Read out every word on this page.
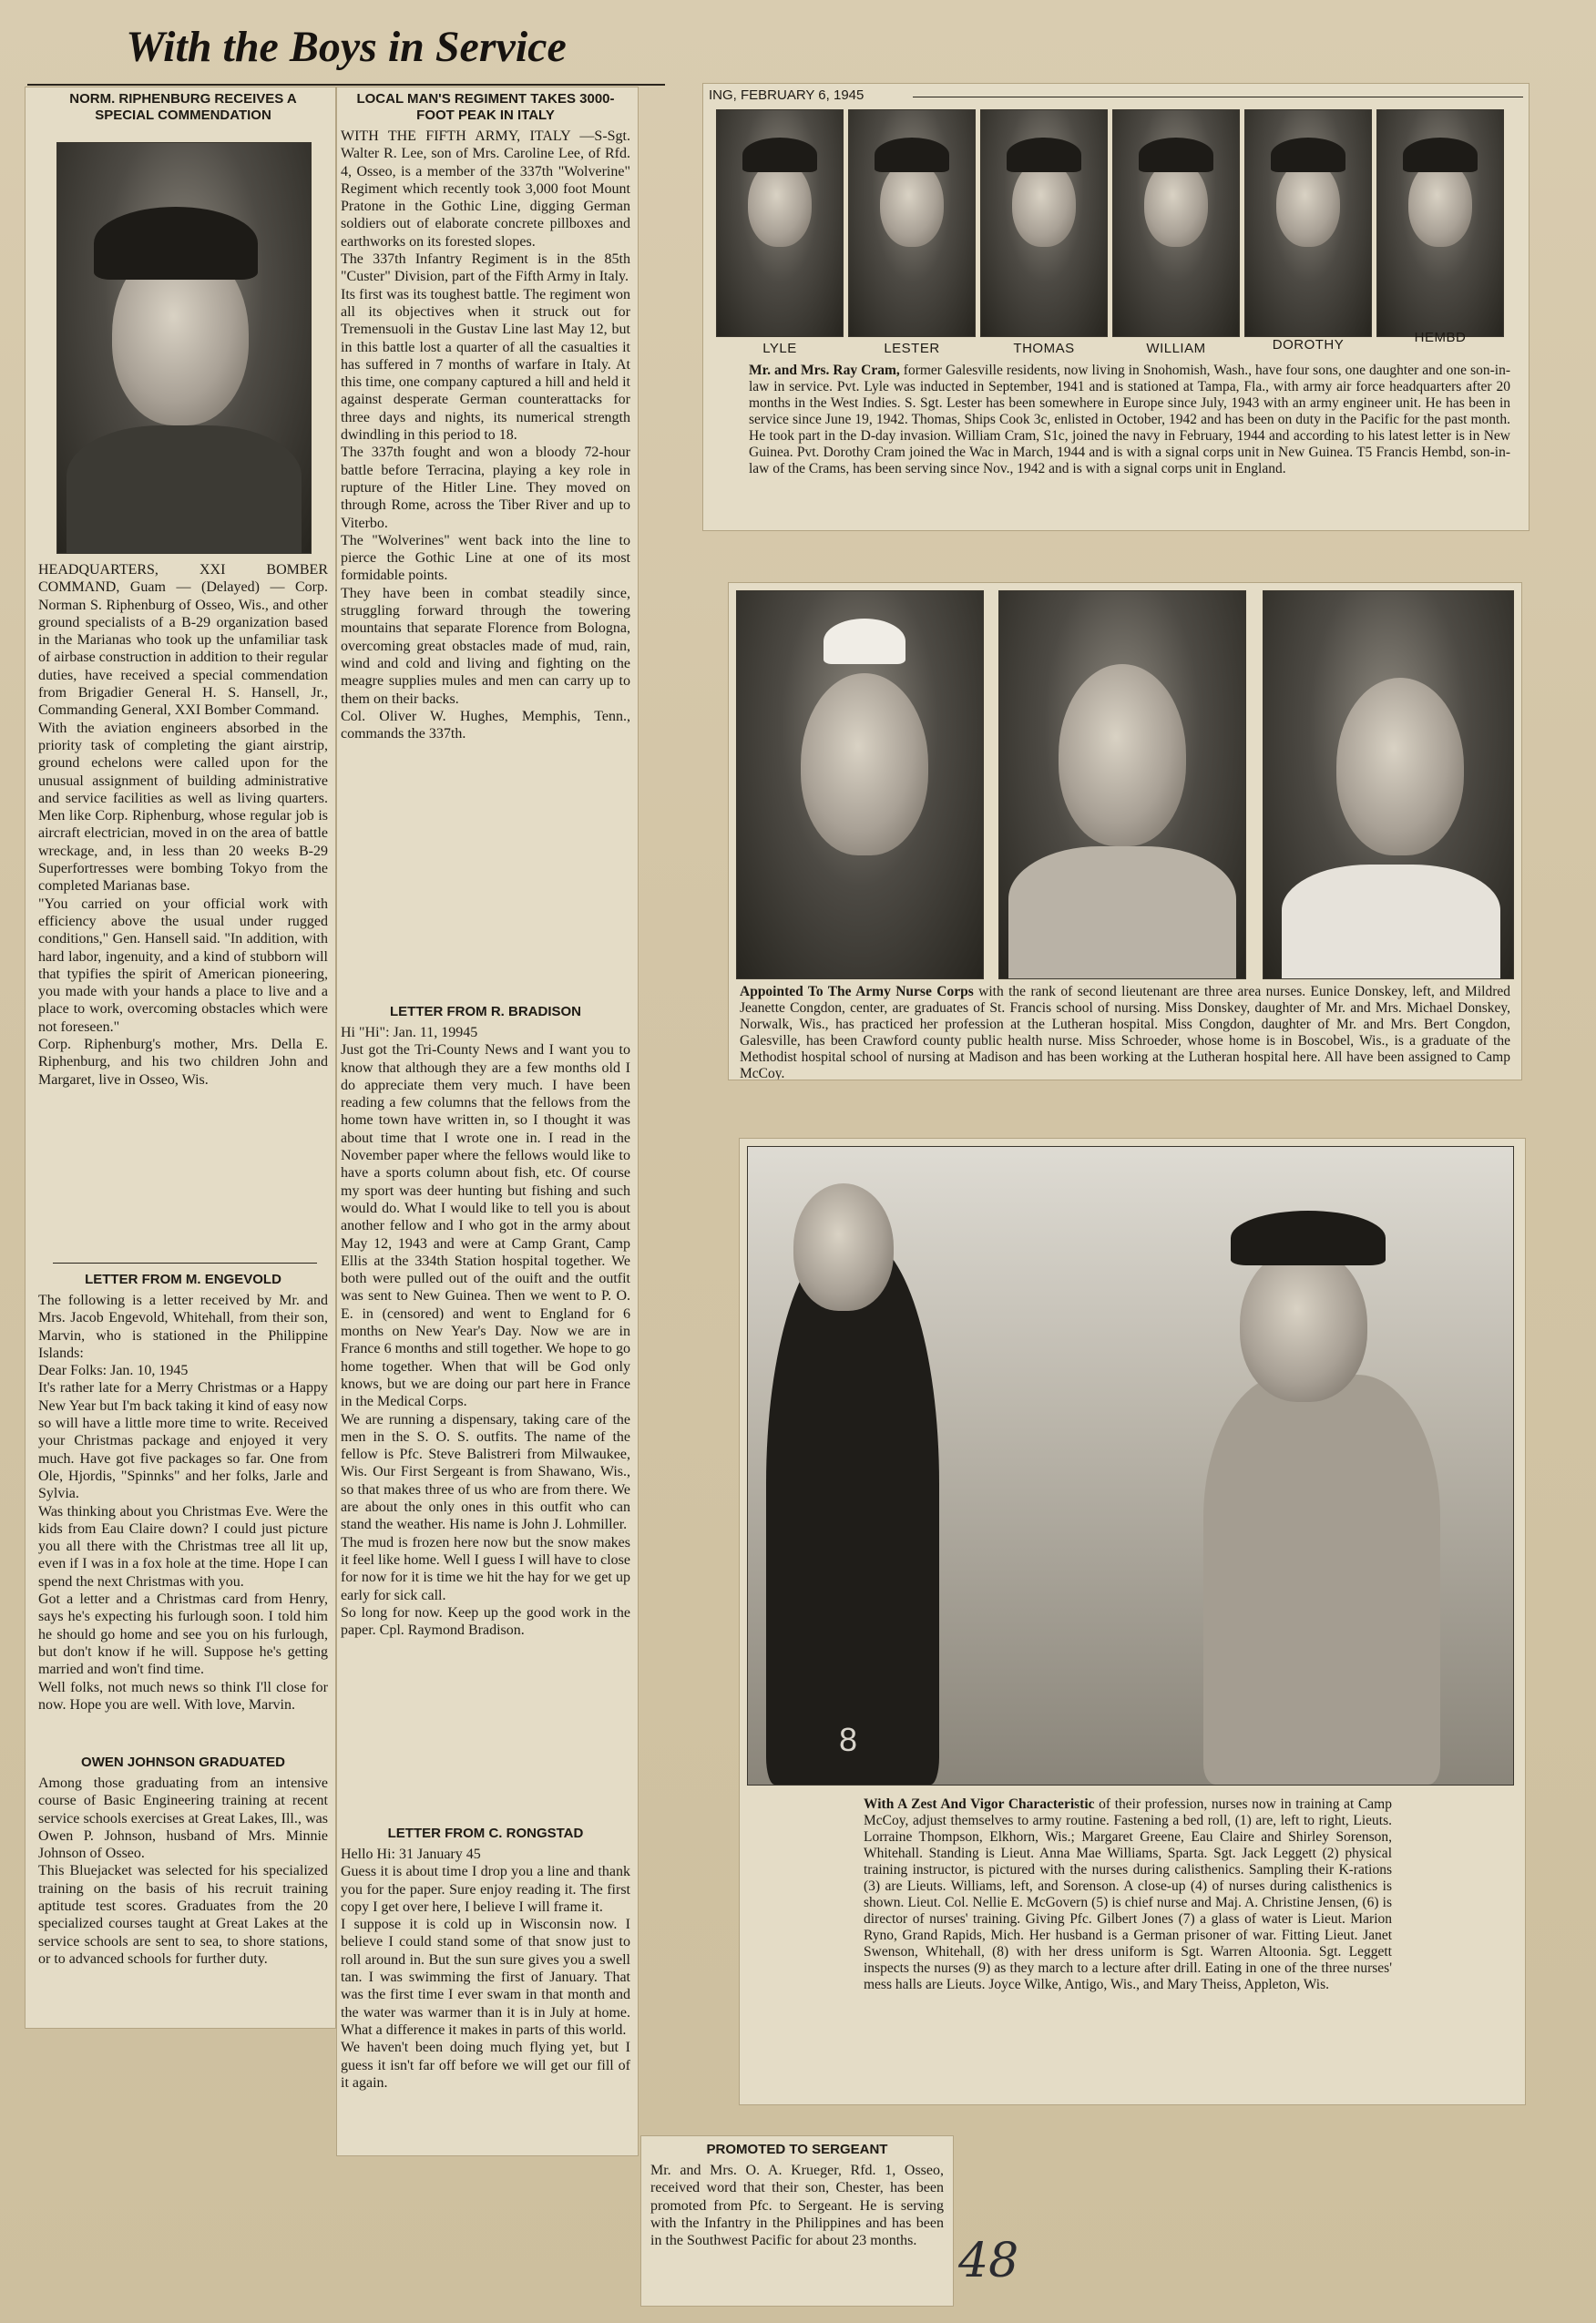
With the Boys in Service
NORM. RIPHENBURG RECEIVES A SPECIAL COMMENDATION

HEADQUARTERS, XXI BOMBER COMMAND, Guam — (Delayed) — Corp. Norman S. Riphenburg of Osseo, Wis., and other ground specialists of a B-29 organization based in the Marianas who took up the unfamiliar task of airbase construction in addition to their regular duties, have received a special commendation from Brigadier General H. S. Hansell, Jr., Commanding General, XXI Bomber Command.
With the aviation engineers absorbed in the priority task of completing the giant airstrip, ground echelons were called upon for the unusual assignment of building administrative and service facilities as well as living quarters. Men like Corp. Riphenburg, whose regular job is aircraft electrician, moved in on the area of battle wreckage, and, in less than 20 weeks B-29 Superfortresses were bombing Tokyo from the completed Marianas base.
"You carried on your official work with efficiency above the usual under rugged conditions," Gen. Hansell said. "In addition, with hard labor, ingenuity, and a kind of stubborn will that typifies the spirit of American pioneering, you made with your hands a place to live and a place to work, overcoming obstacles which were not foreseen."
Corp. Riphenburg's mother, Mrs. Della E. Riphenburg, and his two children John and Margaret, live in Osseo, Wis.

LETTER FROM M. ENGEVOLD

The following is a letter received by Mr. and Mrs. Jacob Engevold, Whitehall, from their son, Marvin, who is stationed in the Philippine Islands:
Dear Folks: Jan. 10, 1945
It's rather late for a Merry Christmas or a Happy New Year but I'm back taking it kind of easy now so will have a little more time to write. Received your Christmas package and enjoyed it very much. Have got five packages so far. One from Ole, Hjordis, "Spinnks" and her folks, Jarle and Sylvia.
Was thinking about you Christmas Eve. Were the kids from Eau Claire down? I could just picture you all there with the Christmas tree all lit up, even if I was in a fox hole at the time. Hope I can spend the next Christmas with you.
Got a letter and a Christmas card from Henry, says he's expecting his furlough soon. I told him he should go home and see you on his furlough, but don't know if he will. Suppose he's getting married and won't find time.
Well folks, not much news so think I'll close for now. Hope you are well. With love, Marvin.

OWEN JOHNSON GRADUATED

Among those graduating from an intensive course of Basic Engineering training at recent service schools exercises at Great Lakes, Ill., was Owen P. Johnson, husband of Mrs. Minnie Johnson of Osseo.
This Bluejacket was selected for his specialized training on the basis of his recruit training aptitude test scores. Graduates from the 20 specialized courses taught at Great Lakes at the service schools are sent to sea, to shore stations, or to advanced schools for further duty.

LOCAL MAN'S REGIMENT TAKES 3000-FOOT PEAK IN ITALY

WITH THE FIFTH ARMY, ITALY —S-Sgt. Walter R. Lee, son of Mrs. Caroline Lee, of Rfd. 4, Osseo, is a member of the 337th "Wolverine" Regiment which recently took 3,000 foot Mount Pratone in the Gothic Line, digging German soldiers out of elaborate concrete pillboxes and earthworks on its forested slopes.
The 337th Infantry Regiment is in the 85th "Custer" Division, part of the Fifth Army in Italy.
Its first was its toughest battle. The regiment won all its objectives when it struck out for Tremensuoli in the Gustav Line last May 12, but in this battle lost a quarter of all the casualties it has suffered in 7 months of warfare in Italy. At this time, one company captured a hill and held it against desperate German counterattacks for three days and nights, its numerical strength dwindling in this period to 18.
The 337th fought and won a bloody 72-hour battle before Terracina, playing a key role in rupture of the Hitler Line. They moved on through Rome, across the Tiber River and up to Viterbo.
The "Wolverines" went back into the line to pierce the Gothic Line at one of its most formidable points.
They have been in combat steadily since, struggling forward through the towering mountains that separate Florence from Bologna, overcoming great obstacles made of mud, rain, wind and cold and living and fighting on the meagre supplies mules and men can carry up to them on their backs.
Col. Oliver W. Hughes, Memphis, Tenn., commands the 337th.

LETTER FROM R. BRADISON

Hi "Hi": Jan. 11, 19945
Just got the Tri-County News and I want you to know that although they are a few months old I do appreciate them very much. I have been reading a few columns that the fellows from the home town have written in, so I thought it was about time that I wrote one in. I read in the November paper where the fellows would like to have a sports column about fish, etc. Of course my sport was deer hunting but fishing and such would do. What I would like to tell you is about another fellow and I who got in the army about May 12, 1943 and were at Camp Grant, Camp Ellis at the 334th Station hospital together. We both were pulled out of the ouift and the outfit was sent to New Guinea. Then we went to P. O. E. in (censored) and went to England for 6 months on New Year's Day. Now we are in France 6 months and still together. We hope to go home together. When that will be God only knows, but we are doing our part here in France in the Medical Corps.
We are running a dispensary, taking care of the men in the S. O. S. outfits. The name of the fellow is Pfc. Steve Balistreri from Milwaukee, Wis. Our First Sergeant is from Shawano, Wis., so that makes three of us who are from there. We are about the only ones in this outfit who can stand the weather. His name is John J. Lohmiller.
The mud is frozen here now but the snow makes it feel like home. Well I guess I will have to close for now for it is time we hit the hay for we get up early for sick call.
So long for now. Keep up the good work in the paper. Cpl. Raymond Bradison.

LETTER FROM C. RONGSTAD

Hello Hi: 31 January 45
Guess it is about time I drop you a line and thank you for the paper. Sure enjoy reading it. The first copy I get over here, I believe I will frame it.
I suppose it is cold up in Wisconsin now. I believe I could stand some of that snow just to roll around in. But the sun sure gives you a swell tan. I was swimming the first of January. That was the first time I ever swam in that month and the water was warmer than it is in July at home. What a difference it makes in parts of this world.
We haven't been doing much flying yet, but I guess it isn't far off before we will get our fill of it again.

ING, FEBRUARY 6, 1945
LYLE	LESTER	THOMAS	WILLIAM	DOROTHY	HEMBD

Mr. and Mrs. Ray Cram, former Galesville residents, now living in Snohomish, Wash., have four sons, one daughter and one son-in-law in service. Pvt. Lyle was inducted in September, 1941 and is stationed at Tampa, Fla., with army air force headquarters after 20 months in the West Indies. S. Sgt. Lester has been somewhere in Europe since July, 1943 with an army engineer unit. He has been in service since June 19, 1942. Thomas, Ships Cook 3c, enlisted in October, 1942 and has been on duty in the Pacific for the past month. He took part in the D-day invasion. William Cram, S1c, joined the navy in February, 1944 and according to his latest letter is in New Guinea. Pvt. Dorothy Cram joined the Wac in March, 1944 and is with a signal corps unit in New Guinea. T5 Francis Hembd, son-in-law of the Crams, has been serving since Nov., 1942 and is with a signal corps unit in England.

Appointed To The Army Nurse Corps with the rank of second lieutenant are three area nurses. Eunice Donskey, left, and Mildred Jeanette Congdon, center, are graduates of St. Francis school of nursing. Miss Donskey, daughter of Mr. and Mrs. Michael Donskey, Norwalk, Wis., has practiced her profession at the Lutheran hospital. Miss Congdon, daughter of Mr. and Mrs. Bert Congdon, Galesville, has been Crawford county public health nurse. Miss Schroeder, whose home is in Boscobel, Wis., is a graduate of the Methodist hospital school of nursing at Madison and has been working at the Lutheran hospital here. All have been assigned to Camp McCoy.

8

With A Zest And Vigor Characteristic of their profession, nurses now in training at Camp McCoy, adjust themselves to army routine. Fastening a bed roll, (1) are, left to right, Lieuts. Lorraine Thompson, Elkhorn, Wis.; Margaret Greene, Eau Claire and Shirley Sorenson, Whitehall. Standing is Lieut. Anna Mae Williams, Sparta. Sgt. Jack Leggett (2) physical training instructor, is pictured with the nurses during calisthenics. Sampling their K-rations (3) are Lieuts. Williams, left, and Sorenson. A close-up (4) of nurses during calisthenics is shown. Lieut. Col. Nellie E. McGovern (5) is chief nurse and Maj. A. Christine Jensen, (6) is director of nurses' training. Giving Pfc. Gilbert Jones (7) a glass of water is Lieut. Marion Ryno, Grand Rapids, Mich. Her husband is a German prisoner of war. Fitting Lieut. Janet Swenson, Whitehall, (8) with her dress uniform is Sgt. Warren Altoonia. Sgt. Leggett inspects the nurses (9) as they march to a lecture after drill. Eating in one of the three nurses' mess halls are Lieuts. Joyce Wilke, Antigo, Wis., and Mary Theiss, Appleton, Wis.

PROMOTED TO SERGEANT

Mr. and Mrs. O. A. Krueger, Rfd. 1, Osseo, received word that their son, Chester, has been promoted from Pfc. to Sergeant. He is serving with the Infantry in the Philippines and has been in the Southwest Pacific for about 23 months. 48
